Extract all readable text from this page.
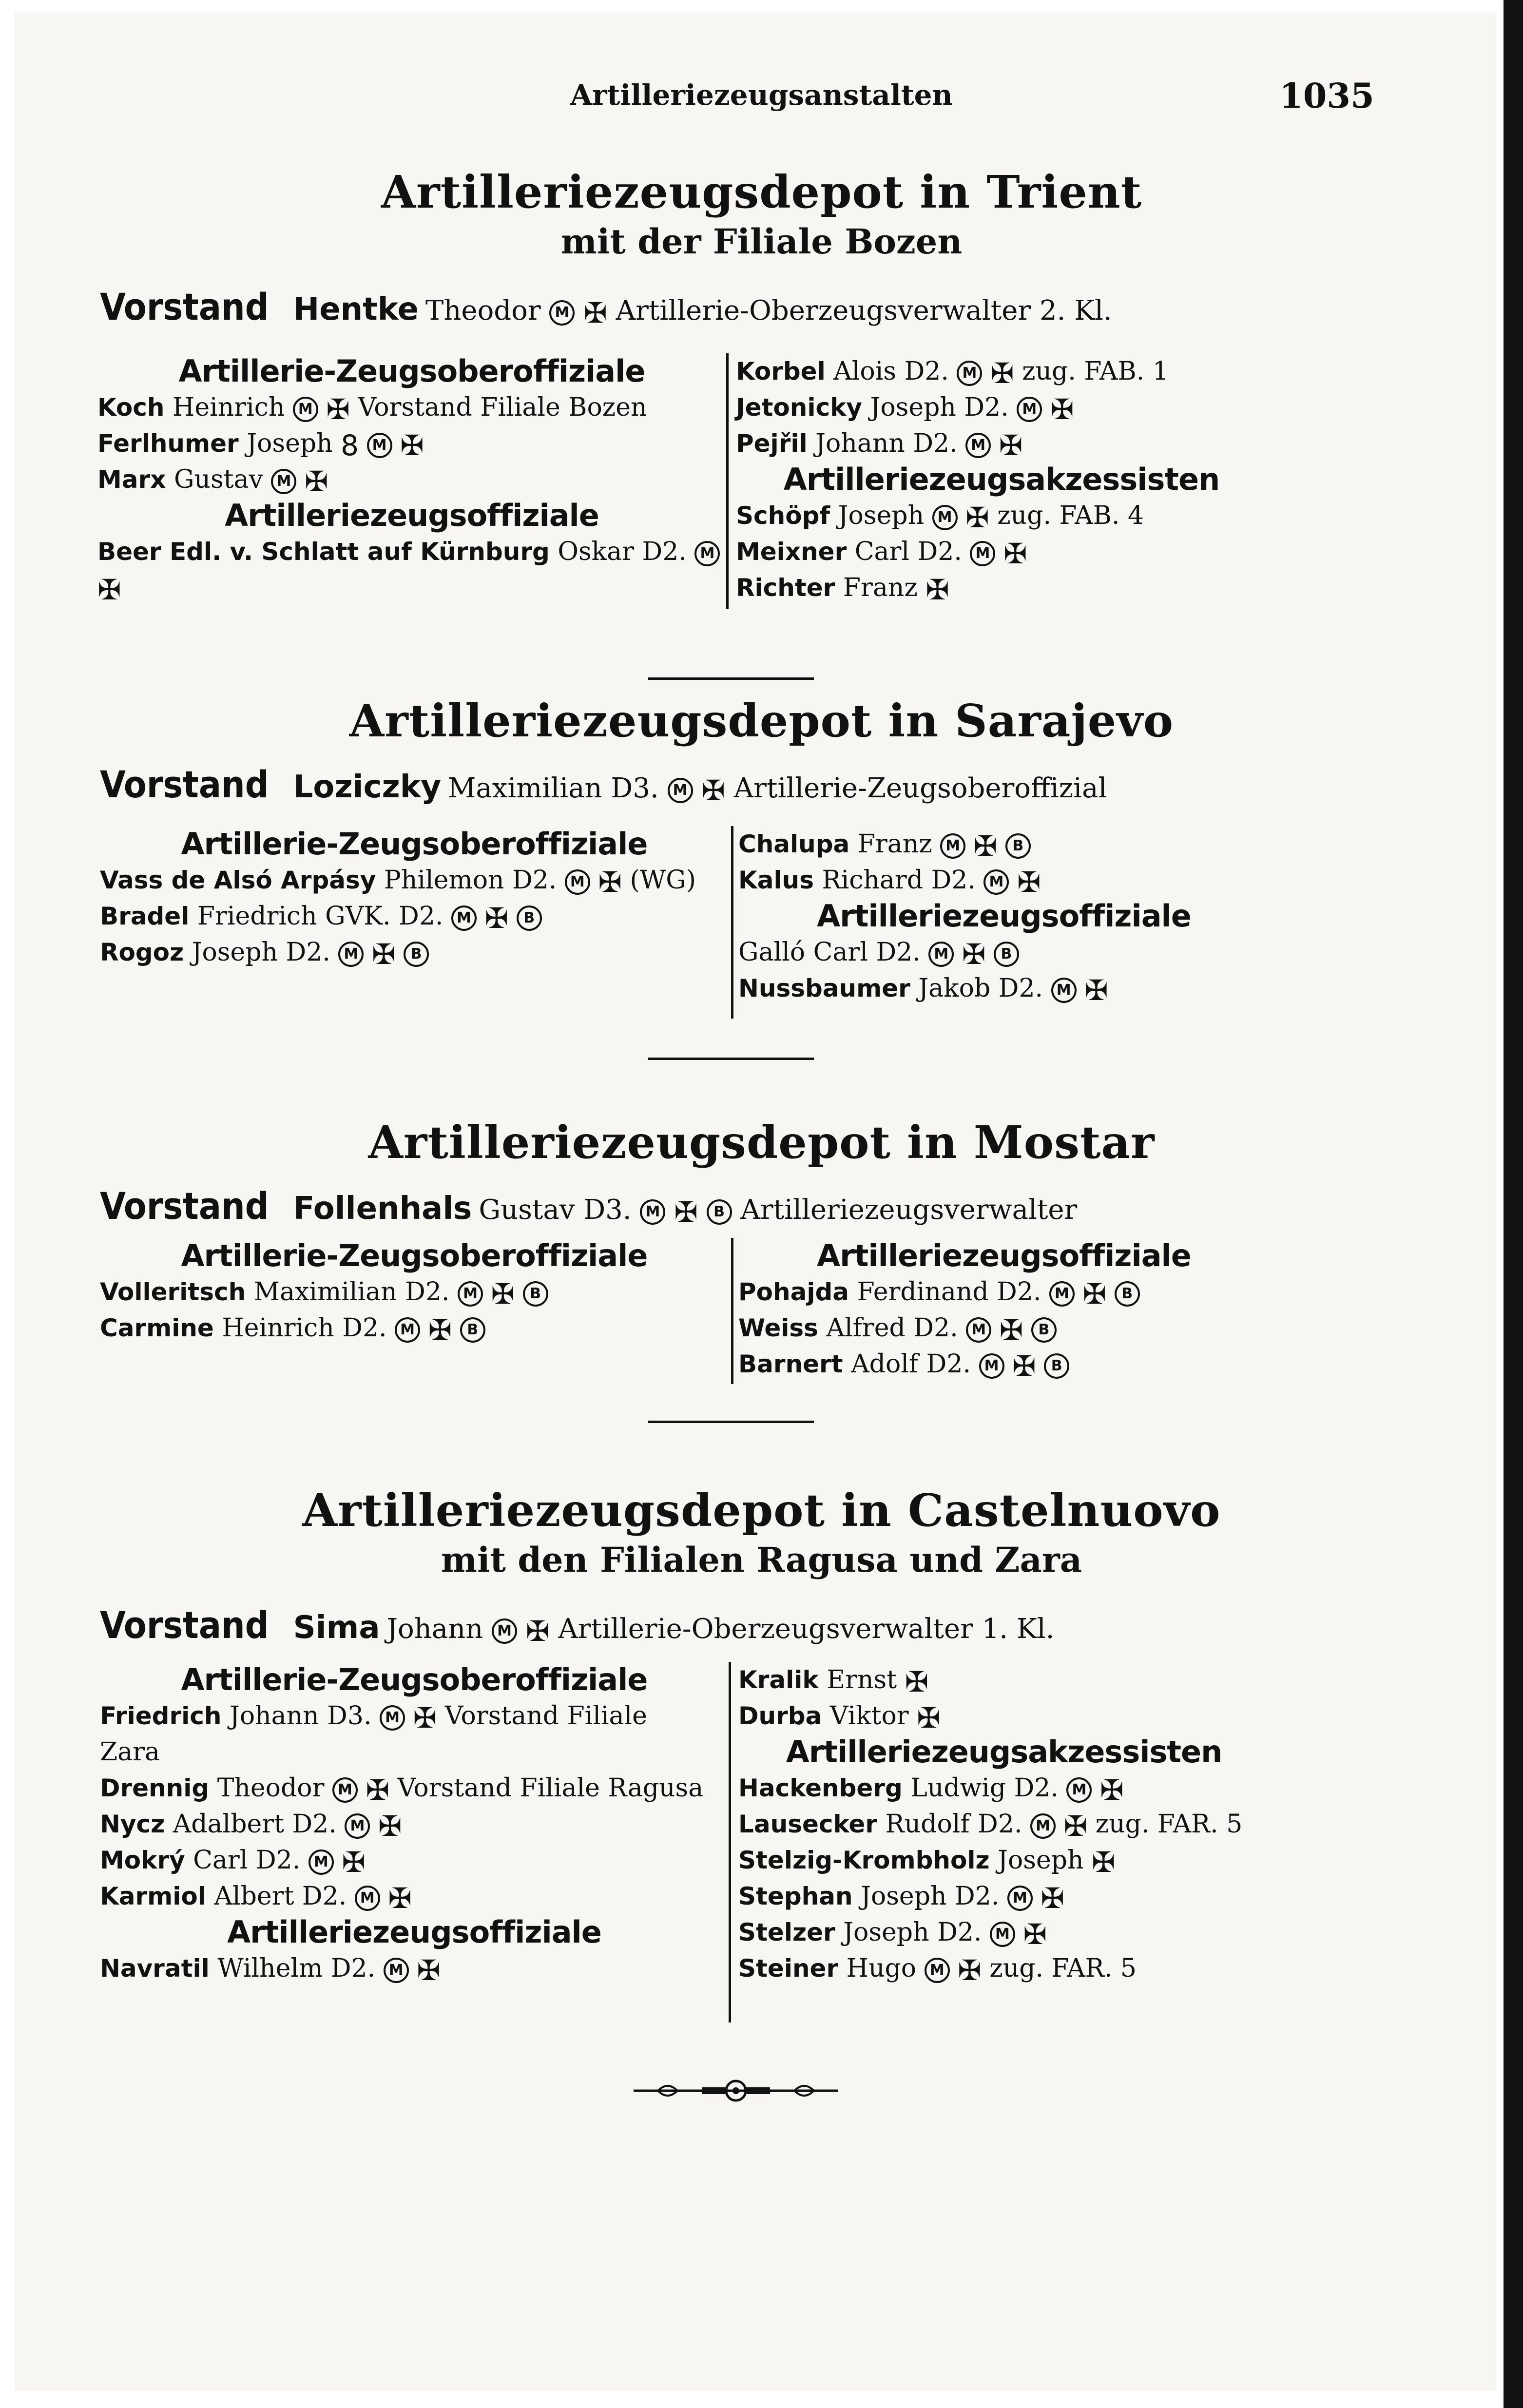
Artilleriezeugsanstalten	1035
Artilleriezeugsdepot in Trient
mit der Filiale Bozen
Vorstand Hentke Theodor M ✠ Artillerie-Oberzeugsverwalter 2. Kl.
Artillerie-Zeugsoberoffiziale
Koch Heinrich M ✠ Vorstand Filiale Bozen
Ferlhumer Joseph 8 M ✠
Marx Gustav M ✠
Artilleriezeugsoffiziale
Beer Edl. v. Schlatt auf Kürnburg Oskar D2. M
✠
Korbel Alois D2. M ✠ zug. FAB. 1
Jetonicky Joseph D2. M ✠
Pejřil Johann D2. M ✠
Artilleriezeugsakzessisten
Schöpf Joseph M ✠ zug. FAB. 4
Meixner Carl D2. M ✠
Richter Franz ✠
Artilleriezeugsdepot in Sarajevo
Vorstand Loziczky Maximilian D3. M ✠ Artillerie-Zeugsoberoffizial
Artillerie-Zeugsoberoffiziale
Vass de Alsó Arpásy Philemon D2. M ✠ (WG)
Bradel Friedrich GVK. D2. M ✠ B
Rogoz Joseph D2. M ✠ B
Chalupa Franz M ✠ B
Kalus Richard D2. M ✠
Artilleriezeugsoffiziale
Galló Carl D2. M ✠ B
Nussbaumer Jakob D2. M ✠
Artilleriezeugsdepot in Mostar
Vorstand Follenhals Gustav D3. M ✠ B Artilleriezeugsverwalter
Artillerie-Zeugsoberoffiziale
Volleritsch Maximilian D2. M ✠ B
Carmine Heinrich D2. M ✠ B
Artilleriezeugsoffiziale
Pohajda Ferdinand D2. M ✠ B
Weiss Alfred D2. M ✠ B
Barnert Adolf D2. M ✠ B
Artilleriezeugsdepot in Castelnuovo
mit den Filialen Ragusa und Zara
Vorstand Sima Johann M ✠ Artillerie-Oberzeugsverwalter 1. Kl.
Artillerie-Zeugsoberoffiziale
Friedrich Johann D3. M ✠ Vorstand Filiale
Zara
Drennig Theodor M ✠ Vorstand Filiale Ragusa
Nycz Adalbert D2. M ✠
Mokrý Carl D2. M ✠
Karmiol Albert D2. M ✠
Artilleriezeugsoffiziale
Navratil Wilhelm D2. M ✠
Kralik Ernst ✠
Durba Viktor ✠
Artilleriezeugsakzessisten
Hackenberg Ludwig D2. M ✠
Lausecker Rudolf D2. M ✠ zug. FAR. 5
Stelzig-Krombholz Joseph ✠
Stephan Joseph D2. M ✠
Stelzer Joseph D2. M ✠
Steiner Hugo M ✠ zug. FAR. 5
